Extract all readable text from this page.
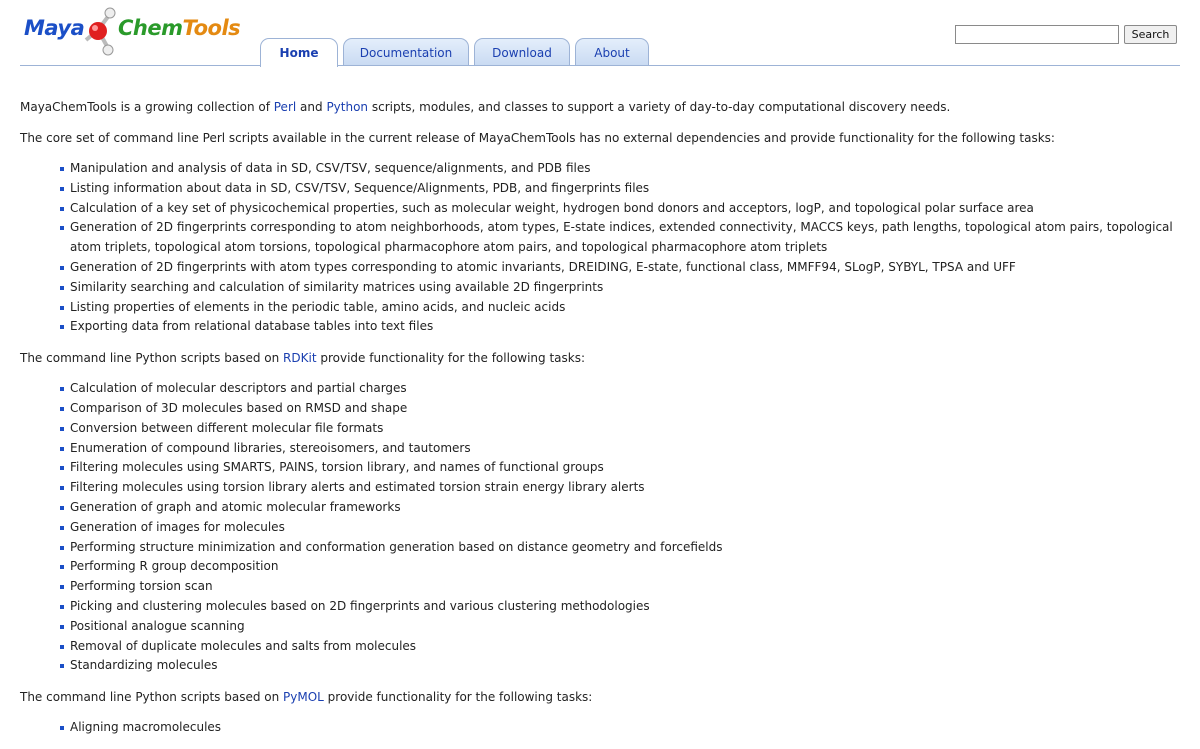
Maya ChemTools
Home	Documentation	Download	About
Search

MayaChemTools is a growing collection of Perl and Python scripts, modules, and classes to support a variety of day-to-day computational discovery needs.

The core set of command line Perl scripts available in the current release of MayaChemTools has no external dependencies and provide functionality for the following tasks:

Manipulation and analysis of data in SD, CSV/TSV, sequence/alignments, and PDB files
Listing information about data in SD, CSV/TSV, Sequence/Alignments, PDB, and fingerprints files
Calculation of a key set of physicochemical properties, such as molecular weight, hydrogen bond donors and acceptors, logP, and topological polar surface area
Generation of 2D fingerprints corresponding to atom neighborhoods, atom types, E-state indices, extended connectivity, MACCS keys, path lengths, topological atom pairs, topological atom triplets, topological atom torsions, topological pharmacophore atom pairs, and topological pharmacophore atom triplets
Generation of 2D fingerprints with atom types corresponding to atomic invariants, DREIDING, E-state, functional class, MMFF94, SLogP, SYBYL, TPSA and UFF
Similarity searching and calculation of similarity matrices using available 2D fingerprints
Listing properties of elements in the periodic table, amino acids, and nucleic acids
Exporting data from relational database tables into text files

The command line Python scripts based on RDKit provide functionality for the following tasks:

Calculation of molecular descriptors and partial charges
Comparison of 3D molecules based on RMSD and shape
Conversion between different molecular file formats
Enumeration of compound libraries, stereoisomers, and tautomers
Filtering molecules using SMARTS, PAINS, torsion library, and names of functional groups
Filtering molecules using torsion library alerts and estimated torsion strain energy library alerts
Generation of graph and atomic molecular frameworks
Generation of images for molecules
Performing structure minimization and conformation generation based on distance geometry and forcefields
Performing R group decomposition
Performing torsion scan
Picking and clustering molecules based on 2D fingerprints and various clustering methodologies
Positional analogue scanning
Removal of duplicate molecules and salts from molecules
Standardizing molecules

The command line Python scripts based on PyMOL provide functionality for the following tasks:

Aligning macromolecules
